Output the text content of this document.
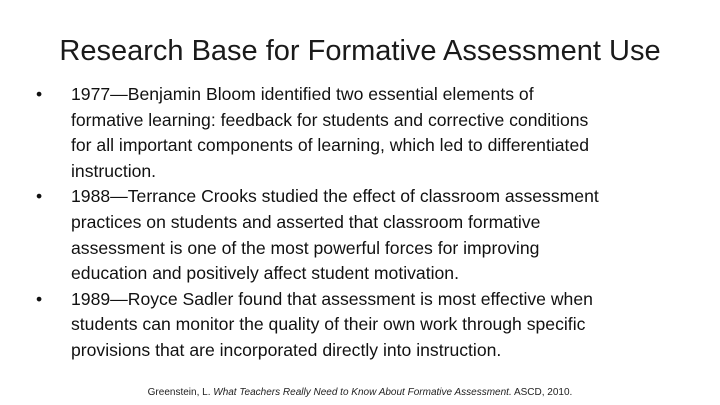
Research Base for Formative Assessment Use
•	1977—Benjamin Bloom identified two essential elements of
formative learning: feedback for students and corrective conditions
for all important components of learning, which led to differentiated
instruction.
•	1988—Terrance Crooks studied the effect of classroom assessment
practices on students and asserted that classroom formative
assessment is one of the most powerful forces for improving
education and positively affect student motivation.
•	1989—Royce Sadler found that assessment is most effective when
students can monitor the quality of their own work through specific
provisions that are incorporated directly into instruction.
Greenstein, L. What Teachers Really Need to Know About Formative Assessment. ASCD, 2010.
